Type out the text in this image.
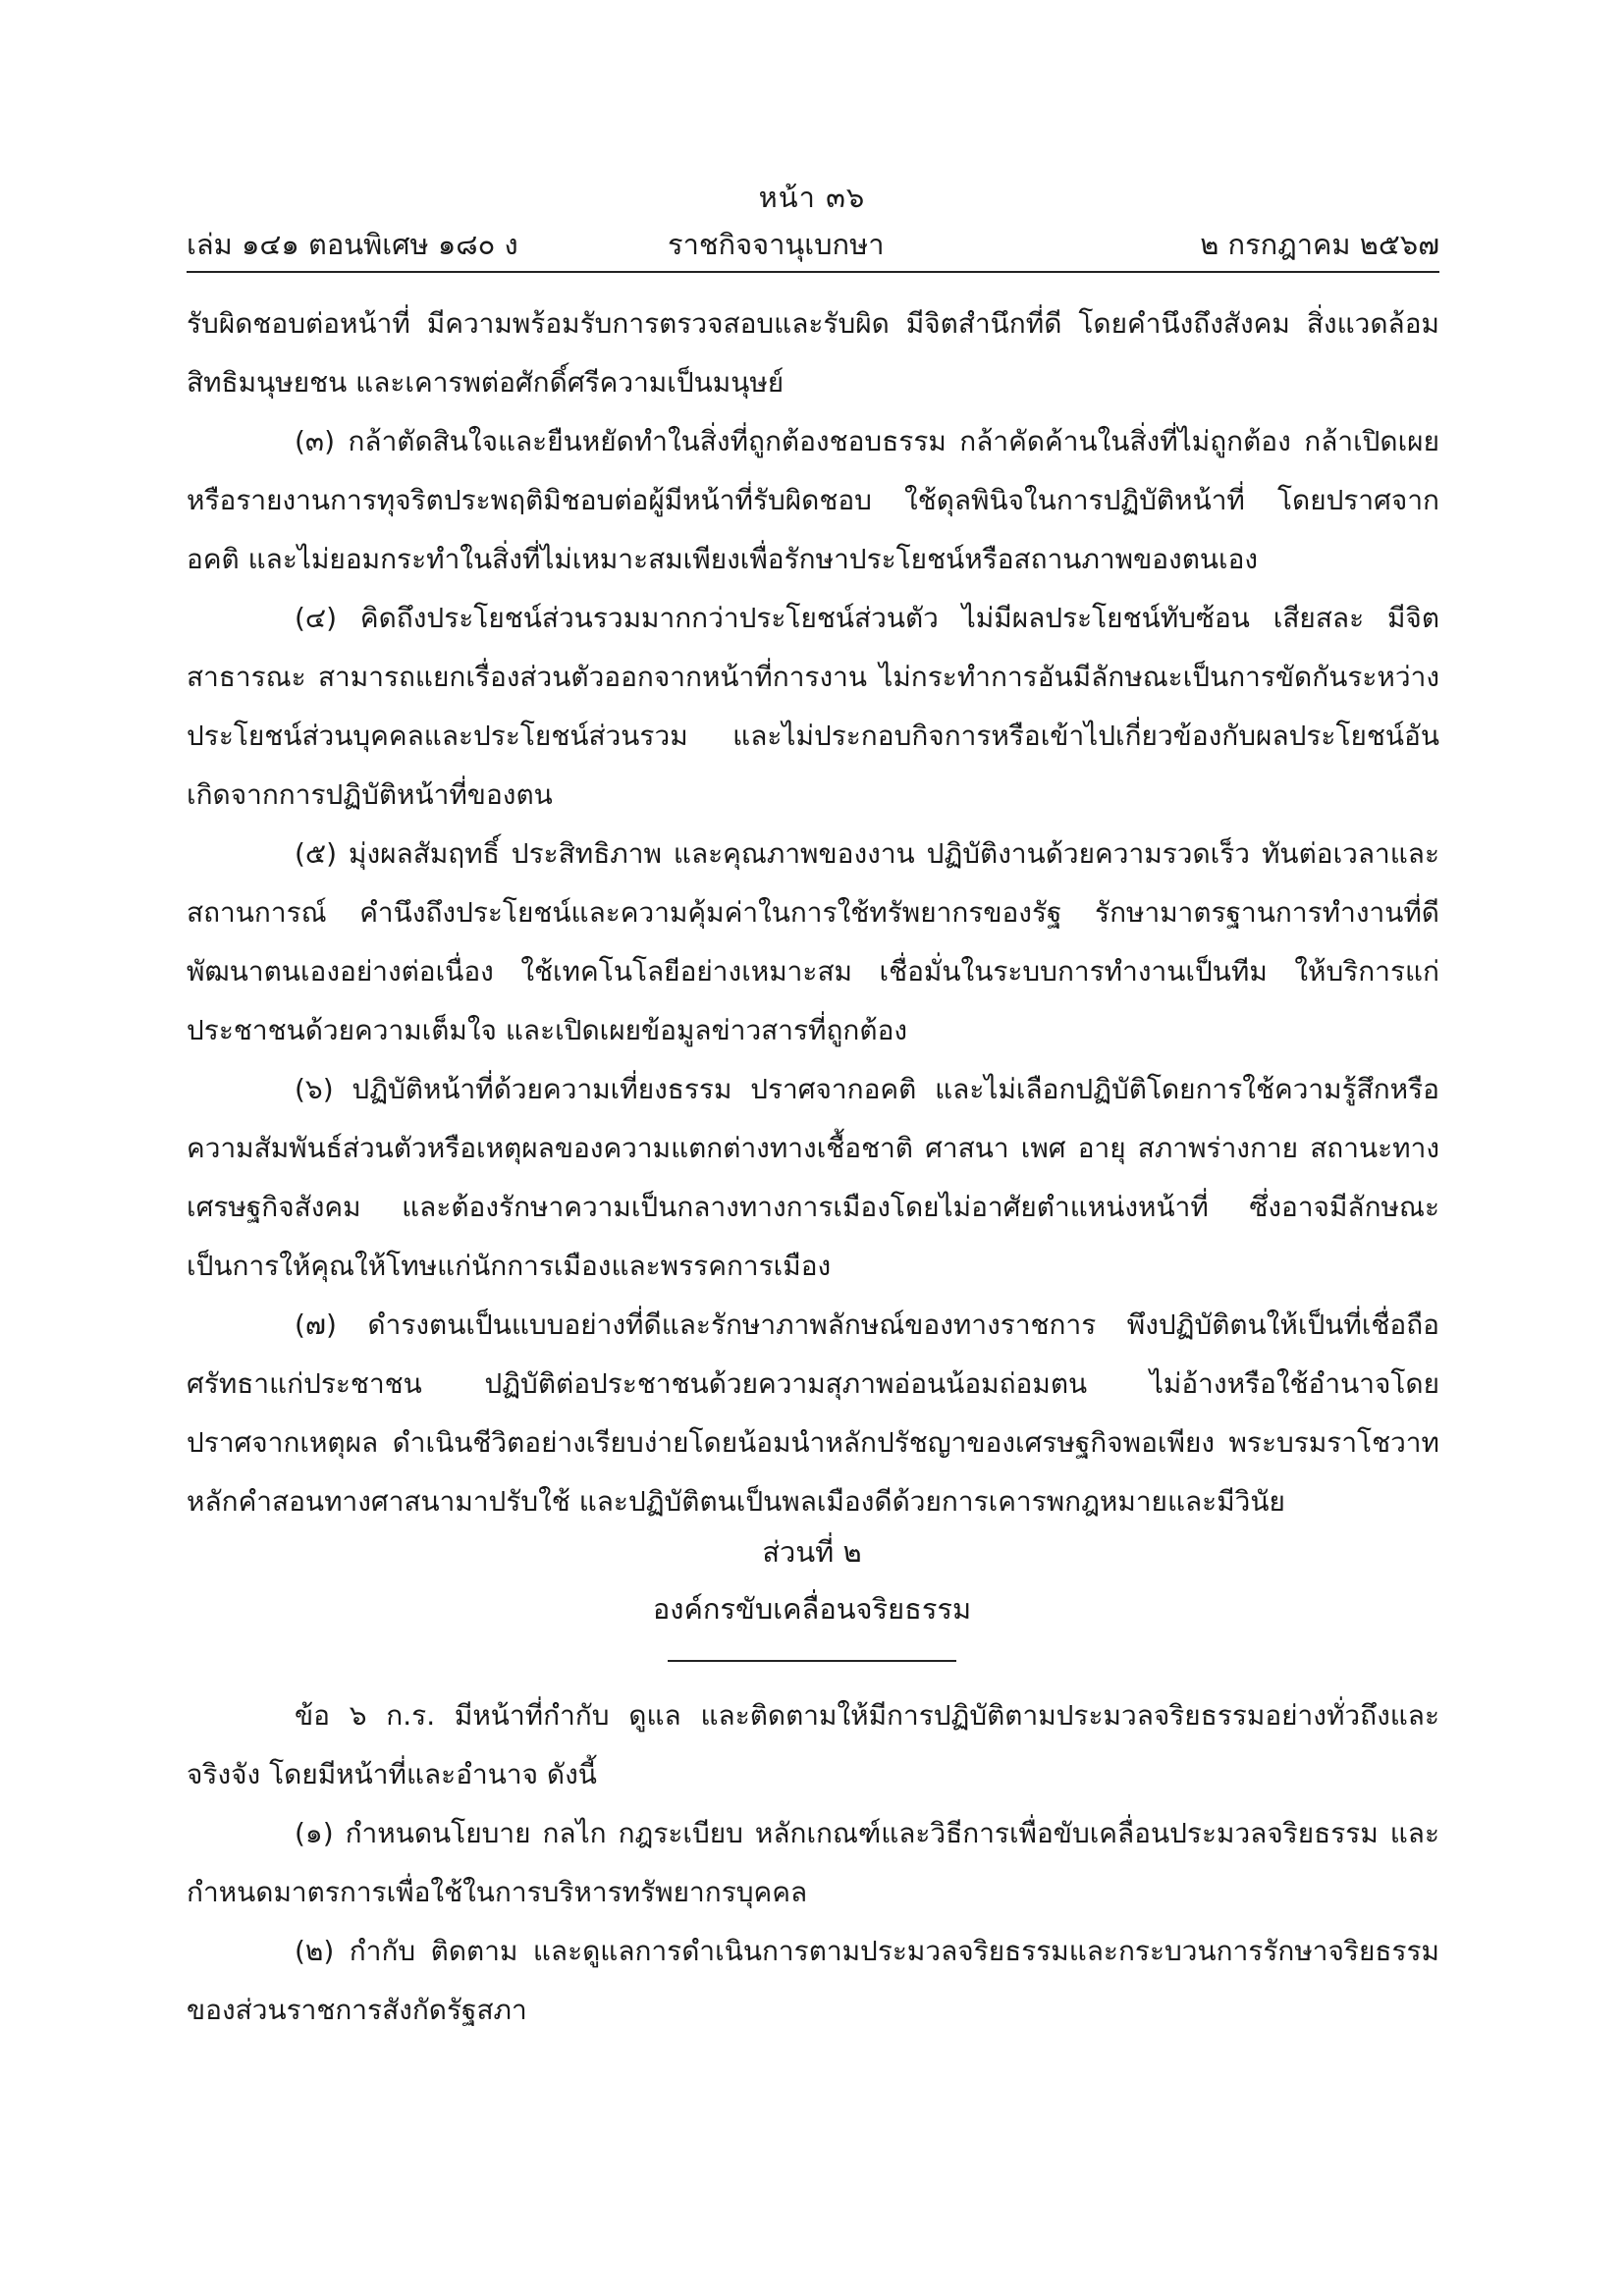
หน้า ๓๖
เล่ม ๑๔๑ ตอนพิเศษ ๑๘๐ ง	ราชกิจจานุเบกษา	๒ กรกฎาคม ๒๕๖๗

รับผิดชอบต่อหน้าที่ มีความพร้อมรับการตรวจสอบและรับผิด มีจิตสำนึกที่ดี โดยคำนึงถึงสังคม สิ่งแวดล้อม สิทธิมนุษยชน และเคารพต่อศักดิ์ศรีความเป็นมนุษย์

(๓) กล้าตัดสินใจและยืนหยัดทำในสิ่งที่ถูกต้องชอบธรรม กล้าคัดค้านในสิ่งที่ไม่ถูกต้อง กล้าเปิดเผยหรือรายงานการทุจริตประพฤติมิชอบต่อผู้มีหน้าที่รับผิดชอบ ใช้ดุลพินิจในการปฏิบัติหน้าที่ โดยปราศจากอคติ และไม่ยอมกระทำในสิ่งที่ไม่เหมาะสมเพียงเพื่อรักษาประโยชน์หรือสถานภาพของตนเอง

(๔) คิดถึงประโยชน์ส่วนรวมมากกว่าประโยชน์ส่วนตัว ไม่มีผลประโยชน์ทับซ้อน เสียสละ มีจิตสาธารณะ สามารถแยกเรื่องส่วนตัวออกจากหน้าที่การงาน ไม่กระทำการอันมีลักษณะเป็นการขัดกันระหว่างประโยชน์ส่วนบุคคลและประโยชน์ส่วนรวม และไม่ประกอบกิจการหรือเข้าไปเกี่ยวข้องกับผลประโยชน์อันเกิดจากการปฏิบัติหน้าที่ของตน

(๕) มุ่งผลสัมฤทธิ์ ประสิทธิภาพ และคุณภาพของงาน ปฏิบัติงานด้วยความรวดเร็ว ทันต่อเวลาและสถานการณ์ คำนึงถึงประโยชน์และความคุ้มค่าในการใช้ทรัพยากรของรัฐ รักษามาตรฐานการทำงานที่ดี พัฒนาตนเองอย่างต่อเนื่อง ใช้เทคโนโลยีอย่างเหมาะสม เชื่อมั่นในระบบการทำงานเป็นทีม ให้บริการแก่ประชาชนด้วยความเต็มใจ และเปิดเผยข้อมูลข่าวสารที่ถูกต้อง

(๖) ปฏิบัติหน้าที่ด้วยความเที่ยงธรรม ปราศจากอคติ และไม่เลือกปฏิบัติโดยการใช้ความรู้สึกหรือความสัมพันธ์ส่วนตัวหรือเหตุผลของความแตกต่างทางเชื้อชาติ ศาสนา เพศ อายุ สภาพร่างกาย สถานะทางเศรษฐกิจสังคม และต้องรักษาความเป็นกลางทางการเมืองโดยไม่อาศัยตำแหน่งหน้าที่ ซึ่งอาจมีลักษณะเป็นการให้คุณให้โทษแก่นักการเมืองและพรรคการเมือง

(๗) ดำรงตนเป็นแบบอย่างที่ดีและรักษาภาพลักษณ์ของทางราชการ พึงปฏิบัติตนให้เป็นที่เชื่อถือศรัทธาแก่ประชาชน ปฏิบัติต่อประชาชนด้วยความสุภาพอ่อนน้อมถ่อมตน ไม่อ้างหรือใช้อำนาจโดยปราศจากเหตุผล ดำเนินชีวิตอย่างเรียบง่ายโดยน้อมนำหลักปรัชญาของเศรษฐกิจพอเพียง พระบรมราโชวาท หลักคำสอนทางศาสนามาปรับใช้ และปฏิบัติตนเป็นพลเมืองดีด้วยการเคารพกฎหมายและมีวินัย

ส่วนที่ ๒
องค์กรขับเคลื่อนจริยธรรม

ข้อ ๖ ก.ร. มีหน้าที่กำกับ ดูแล และติดตามให้มีการปฏิบัติตามประมวลจริยธรรมอย่างทั่วถึงและจริงจัง โดยมีหน้าที่และอำนาจ ดังนี้

(๑) กำหนดนโยบาย กลไก กฎระเบียบ หลักเกณฑ์และวิธีการเพื่อขับเคลื่อนประมวลจริยธรรม และกำหนดมาตรการเพื่อใช้ในการบริหารทรัพยากรบุคคล

(๒) กำกับ ติดตาม และดูแลการดำเนินการตามประมวลจริยธรรมและกระบวนการรักษาจริยธรรมของส่วนราชการสังกัดรัฐสภา
